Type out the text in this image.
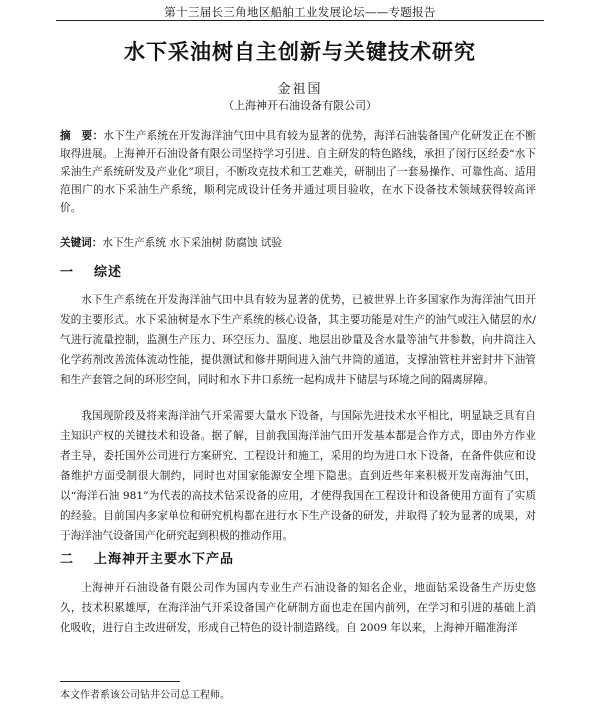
第十三届长三角地区船舶工业发展论坛——专题报告
水下采油树自主创新与关键技术研究
金祖国
（上海神开石油设备有限公司）
摘　要：水下生产系统在开发海洋油气田中具有较为显著的优势，海洋石油装备国产化研发正在不断取得进展。上海神开石油设备有限公司坚持学习引进、自主研发的特色路线，承担了闵行区经委“水下采油生产系统研发及产业化”项目，不断攻克技术和工艺难关，研制出了一套易操作、可靠性高、适用范围广的水下采油生产系统，顺利完成设计任务并通过项目验收，在水下设备技术领域获得较高评价。
关键词：水下生产系统 水下采油树 防腐蚀 试验
一 综述
水下生产系统在开发海洋油气田中具有较为显著的优势，已被世界上许多国家作为海洋油气田开发的主要形式。水下采油树是水下生产系统的核心设备，其主要功能是对生产的油气或注入储层的水/气进行流量控制，监测生产压力、环空压力、温度、地层出砂量及含水量等油气井参数，向井筒注入化学药剂改善流体流动性能，提供测试和修井期间进入油气井筒的通道，支撑油管柱并密封井下油管和生产套管之间的环形空间，同时和水下井口系统一起构成井下储层与环境之间的隔离屏障。
我国现阶段及将来海洋油气开采需要大量水下设备，与国际先进技术水平相比，明显缺乏具有自主知识产权的关键技术和设备。据了解，目前我国海洋油气田开发基本都是合作方式，即由外方作业者主导，委托国外公司进行方案研究、工程设计和施工，采用的均为进口水下设备，在备件供应和设备维护方面受制很大制约，同时也对国家能源安全埋下隐患。直到近些年来积极开发南海油气田，以“海洋石油 981”为代表的高技术钻采设备的应用，才使得我国在工程设计和设备使用方面有了实质的经验。目前国内多家单位和研究机构都在进行水下生产设备的研发，并取得了较为显著的成果，对于海洋油气设备国产化研究起到积极的推动作用。
二 上海神开主要水下产品
上海神开石油设备有限公司作为国内专业生产石油设备的知名企业，地面钻采设备生产历史悠久，技术积累雄厚，在海洋油气开采设备国产化研制方面也走在国内前列，在学习和引进的基础上消化吸收，进行自主改进研发，形成自己特色的设计制造路线。自 2009 年以来，上海神开瞄准海洋
本文作者系该公司钻井公司总工程师。
